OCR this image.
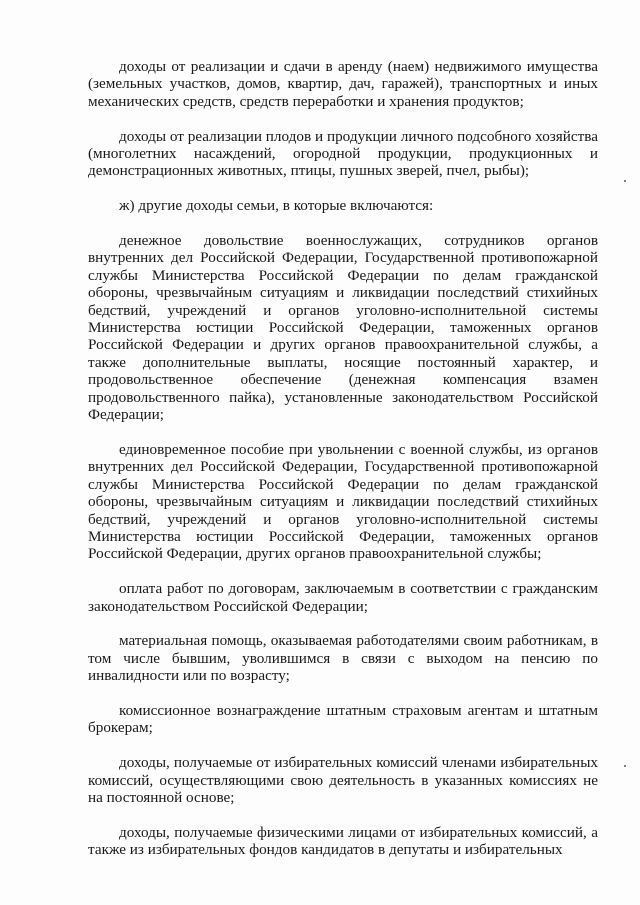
доходы от реализации и сдачи в аренду (наем) недвижимого имущества (земельных участков, домов, квартир, дач, гаражей), транспортных и иных механических средств, средств переработки и хранения продуктов;

доходы от реализации плодов и продукции личного подсобного хозяйства (многолетних насаждений, огородной продукции, продукционных и демонстрационных животных, птицы, пушных зверей, пчел, рыбы);

ж) другие доходы семьи, в которые включаются:

денежное довольствие военнослужащих, сотрудников органов внутренних дел Российской Федерации, Государственной противопожарной службы Министерства Российской Федерации по делам гражданской обороны, чрезвычайным ситуациям и ликвидации последствий стихийных бедствий, учреждений и органов уголовно-исполнительной системы Министерства юстиции Российской Федерации, таможенных органов Российской Федерации и других органов правоохранительной службы, а также дополнительные выплаты, носящие постоянный характер, и продовольственное обеспечение (денежная компенсация взамен продовольственного пайка), установленные законодательством Российской Федерации;

единовременное пособие при увольнении с военной службы, из органов внутренних дел Российской Федерации, Государственной противопожарной службы Министерства Российской Федерации по делам гражданской обороны, чрезвычайным ситуациям и ликвидации последствий стихийных бедствий, учреждений и органов уголовно-исполнительной системы Министерства юстиции Российской Федерации, таможенных органов Российской Федерации, других органов правоохранительной службы;

оплата работ по договорам, заключаемым в соответствии с гражданским законодательством Российской Федерации;

материальная помощь, оказываемая работодателями своим работникам, в том числе бывшим, уволившимся в связи с выходом на пенсию по инвалидности или по возрасту;

комиссионное вознаграждение штатным страховым агентам и штатным брокерам;

доходы, получаемые от избирательных комиссий членами избирательных комиссий, осуществляющими свою деятельность в указанных комиссиях не на постоянной основе;

доходы, получаемые физическими лицами от избирательных комиссий, а также из избирательных фондов кандидатов в депутаты и избирательных
